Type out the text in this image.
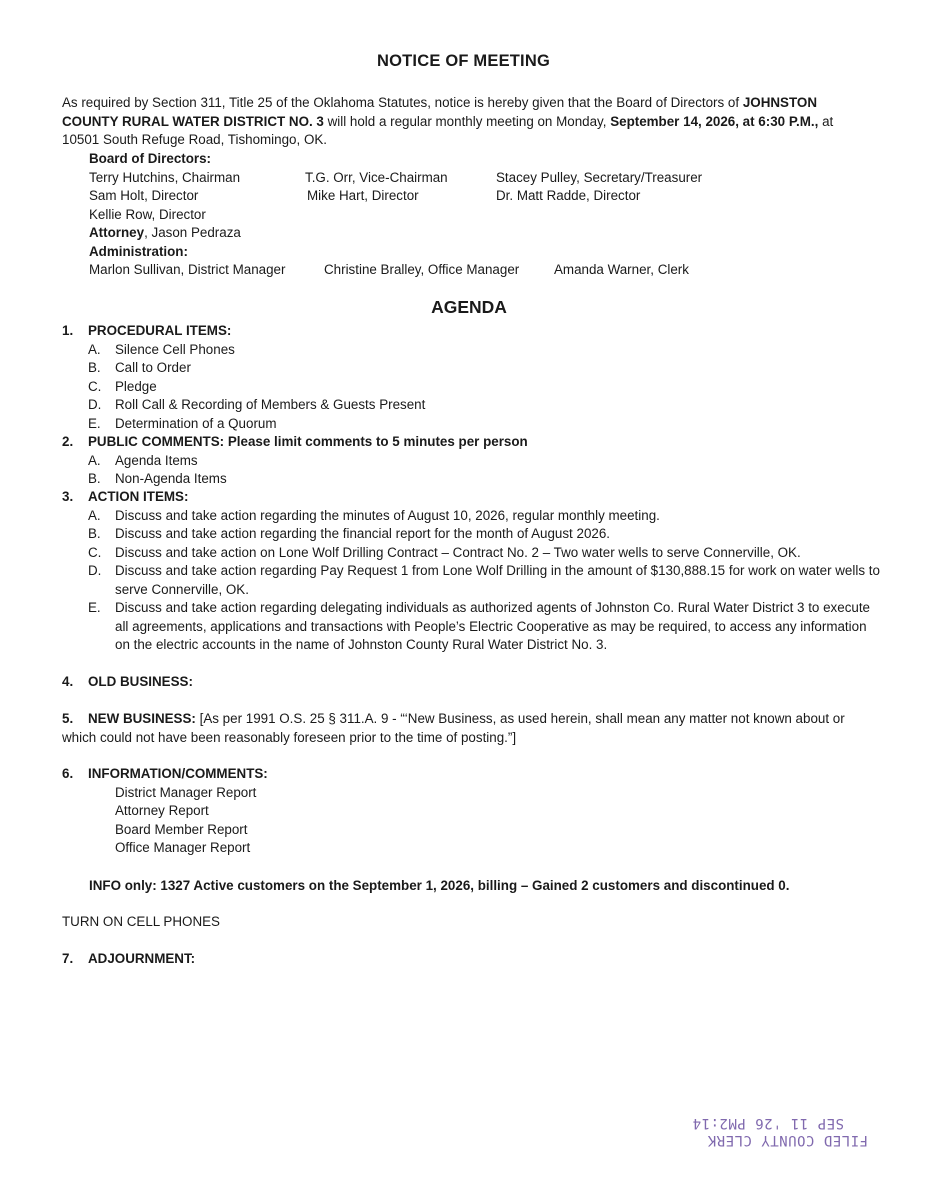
NOTICE OF MEETING
As required by Section 311, Title 25 of the Oklahoma Statutes, notice is hereby given that the Board of Directors of JOHNSTON COUNTY RURAL WATER DISTRICT NO. 3 will hold a regular monthly meeting on Monday, September 14, 2026, at 6:30 P.M., at 10501 South Refuge Road, Tishomingo, OK.
Board of Directors:
Terry Hutchins, Chairman	T.G. Orr, Vice-Chairman	Stacey Pulley, Secretary/Treasurer
Sam Holt, Director	Mike Hart, Director	Dr. Matt Radde, Director
Kellie Row, Director
Attorney, Jason Pedraza
Administration:
Marlon Sullivan, District Manager	Christine Bralley, Office Manager	Amanda Warner, Clerk
AGENDA
1. PROCEDURAL ITEMS:
A. Silence Cell Phones
B. Call to Order
C. Pledge
D. Roll Call & Recording of Members & Guests Present
E. Determination of a Quorum
2. PUBLIC COMMENTS: Please limit comments to 5 minutes per person
A. Agenda Items
B. Non-Agenda Items
3. ACTION ITEMS:
A. Discuss and take action regarding the minutes of August 10, 2026, regular monthly meeting.
B. Discuss and take action regarding the financial report for the month of August 2026.
C. Discuss and take action on Lone Wolf Drilling Contract – Contract No. 2 – Two water wells to serve Connerville, OK.
D. Discuss and take action regarding Pay Request 1 from Lone Wolf Drilling in the amount of $130,888.15 for work on water wells to serve Connerville, OK.
E. Discuss and take action regarding delegating individuals as authorized agents of Johnston Co. Rural Water District 3 to execute all agreements, applications and transactions with People’s Electric Cooperative as may be required, to access any information on the electric accounts in the name of Johnston County Rural Water District No. 3.
4. OLD BUSINESS:
5. NEW BUSINESS: [As per 1991 O.S. 25 § 311.A. 9 - “‘New Business, as used herein, shall mean any matter not known about or which could not have been reasonably foreseen prior to the time of posting.”]
6. INFORMATION/COMMENTS:
District Manager Report
Attorney Report
Board Member Report
Office Manager Report
INFO only: 1327 Active customers on the September 1, 2026, billing – Gained 2 customers and discontinued 0.
TURN ON CELL PHONES
7. ADJOURNMENT:
FILED COUNTY CLERK
SEP 11 '26 PM2:14
